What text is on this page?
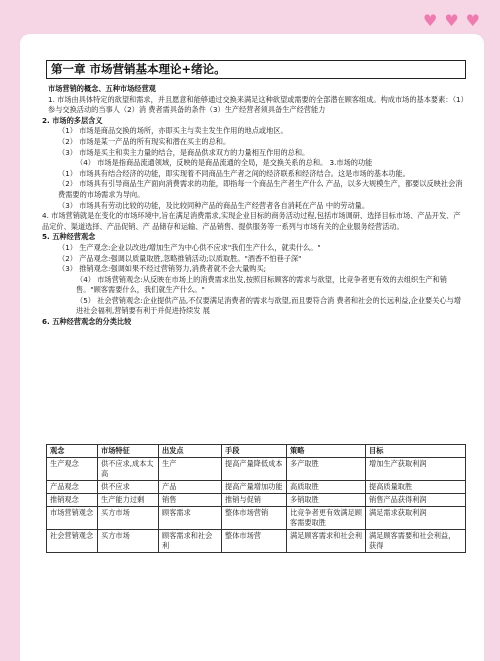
♥ ♥ ♥
第一章 市场营销基本理论+绪论。

市场营销的概念、五种市场经营观

1. 市场由具体特定的欲望和需求，并且愿意和能够通过交换来满足这种欲望或需要的全部潜在顾客组成。构成市场的基本要素：（1）参与交换活动的当事人（2）消 费者需具备的条件（3）生产经营者须具备生产经营能力

2. 市场的多层含义

（1） 市场是商品交换的场所，亦即买主与卖主发生作用的地点或地区。

（2） 市场是某一产品的所有现实和潜在买主的总和。

（3） 市场是买主和卖主力量的结合，是商品供求双方的力量相互作用的总和。

（4） 市场是指商品流通领域，反映的是商品流通的全局，是交换关系的总和。 3.市场的功能

（1） 市场具有结合经济的功能，即实现着不同商品生产者之间的经济联系和经济结合。这是市场的基本功能。

（2） 市场具有引导商品生产面向消费需求的功能，即指每一个商品生产者生产什么 产品，以多大规模生产，都要以反映社会消费需要的市场需求为导向。

（3） 市场具有劳动比较的功能，及比较同种产品的商品生产经营者各自消耗在产品 中的劳动量。

4. 市场营销就是在变化的市场环境中,旨在满足消费需求,实现企业目标的商务活动过程,包括市场调研、选择目标市场、产品开发、产品定价、渠道选择、产品促销、产 品储存和运输、产品销售、提供服务等一系列与市场有关的企业服务经营活动。

5. 五种经营观念

（1） 生产观念:企业以改进/增加生产为中心供不应求"我们生产什么，就卖什么。"

（2） 产品观念:强调以质量取胜,忽略推销活动;以质取胜。"酒香不怕巷子深"

（3） 推销观念:强调如果不经过营销努力,消费者就不会大量购买;

（4） 市场营销观念:从反映在市场上的消费需求出发,按照目标顾客的需求与欲望，比竞争者更有效的去组织生产和销售。"顾客需要什么，我们就生产什么。"

（5） 社会营销观念:企业提供产品,不仅要满足消费者的需求与欲望,而且要符合消 费者和社会的长远利益,企业要关心与增进社会福利,营销要有利于并促进持续发 展

6. 五种经营观念的分类比较

观念	市场特征	出发点	手段	策略	目标
生产观念	供不应求,成本太高	生产	提高产量降低成本	多产取胜	增加生产获取利润
产品观念	供不应求	产品	提高产量增加功能	高质取胜	提高质量取胜
推销观念	生产能力过剩	销售	推销与促销	多销取胜	销售产品获得利润
市场营销观念	买方市场	顾客需求	整体市场营销	比竞争者更有效满足顾客需要取胜	满足需求获取利润
社会营销观念	买方市场	顾客需求和社会利	整体市场营	满足顾客需求和社会利	满足顾客需要和社会利益，获得
